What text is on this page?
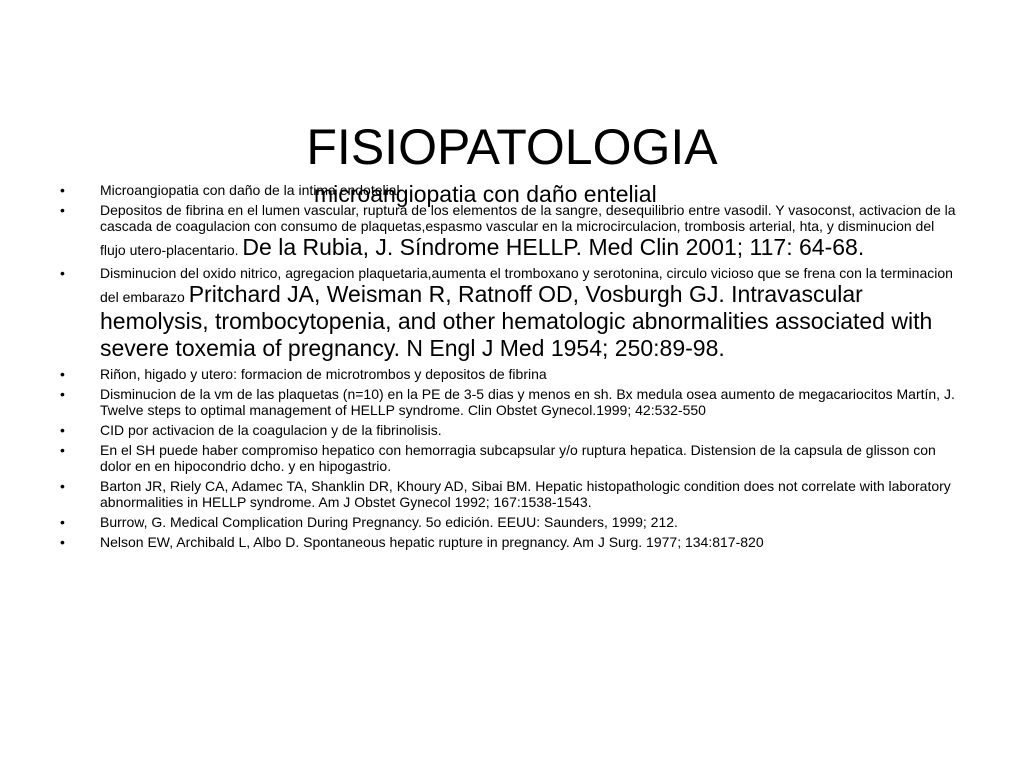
FISIOPATOLOGIA
•	Microangiopatia con daño de la intima endotelial
•	Depositos de fibrina en el lumen vascular, ruptura de los elementos de la sangre, desequilibrio entre vasodil. Y vasoconst, activacion de la cascada de coagulacion con consumo de plaquetas,espasmo vascular en la microcirculacion, trombosis arterial, hta, y disminucion del flujo utero-placentario. De la Rubia, J. Síndrome HELLP. Med Clin 2001; 117: 64-68.
•	Disminucion del oxido nitrico, agregacion plaquetaria,aumenta el tromboxano y serotonina, circulo vicioso que se frena con la terminacion del embarazo Pritchard JA, Weisman R, Ratnoff OD, Vosburgh GJ. Intravascular hemolysis, trombocytopenia, and other hematologic abnormalities associated with severe toxemia of pregnancy. N Engl J Med 1954; 250:89-98.
•	Riñon, higado y utero: formacion de microtrombos y depositos de fibrina
•	Disminucion de la vm de las plaquetas (n=10) en la PE de 3-5 dias y menos en sh. Bx medula osea aumento de megacariocitos Martín, J. Twelve steps to optimal management of HELLP syndrome. Clin Obstet Gynecol.1999; 42:532-550
•	CID por activacion de la coagulacion y de la fibrinolisis.
•	En el SH puede haber compromiso hepatico con hemorragia subcapsular y/o ruptura hepatica. Distension de la capsula de glisson con dolor en en hipocondrio dcho. y en hipogastrio.
•	Barton JR, Riely CA, Adamec TA, Shanklin DR, Khoury AD, Sibai BM. Hepatic histopathologic condition does not correlate with laboratory abnormalities in HELLP syndrome. Am J Obstet Gynecol 1992; 167:1538-1543.
•	Burrow, G. Medical Complication During Pregnancy. 5o edición. EEUU: Saunders, 1999; 212.
•	Nelson EW, Archibald L, Albo D. Spontaneous hepatic rupture in pregnancy. Am J Surg. 1977; 134:817-820
microangiopatia con daño entelial
